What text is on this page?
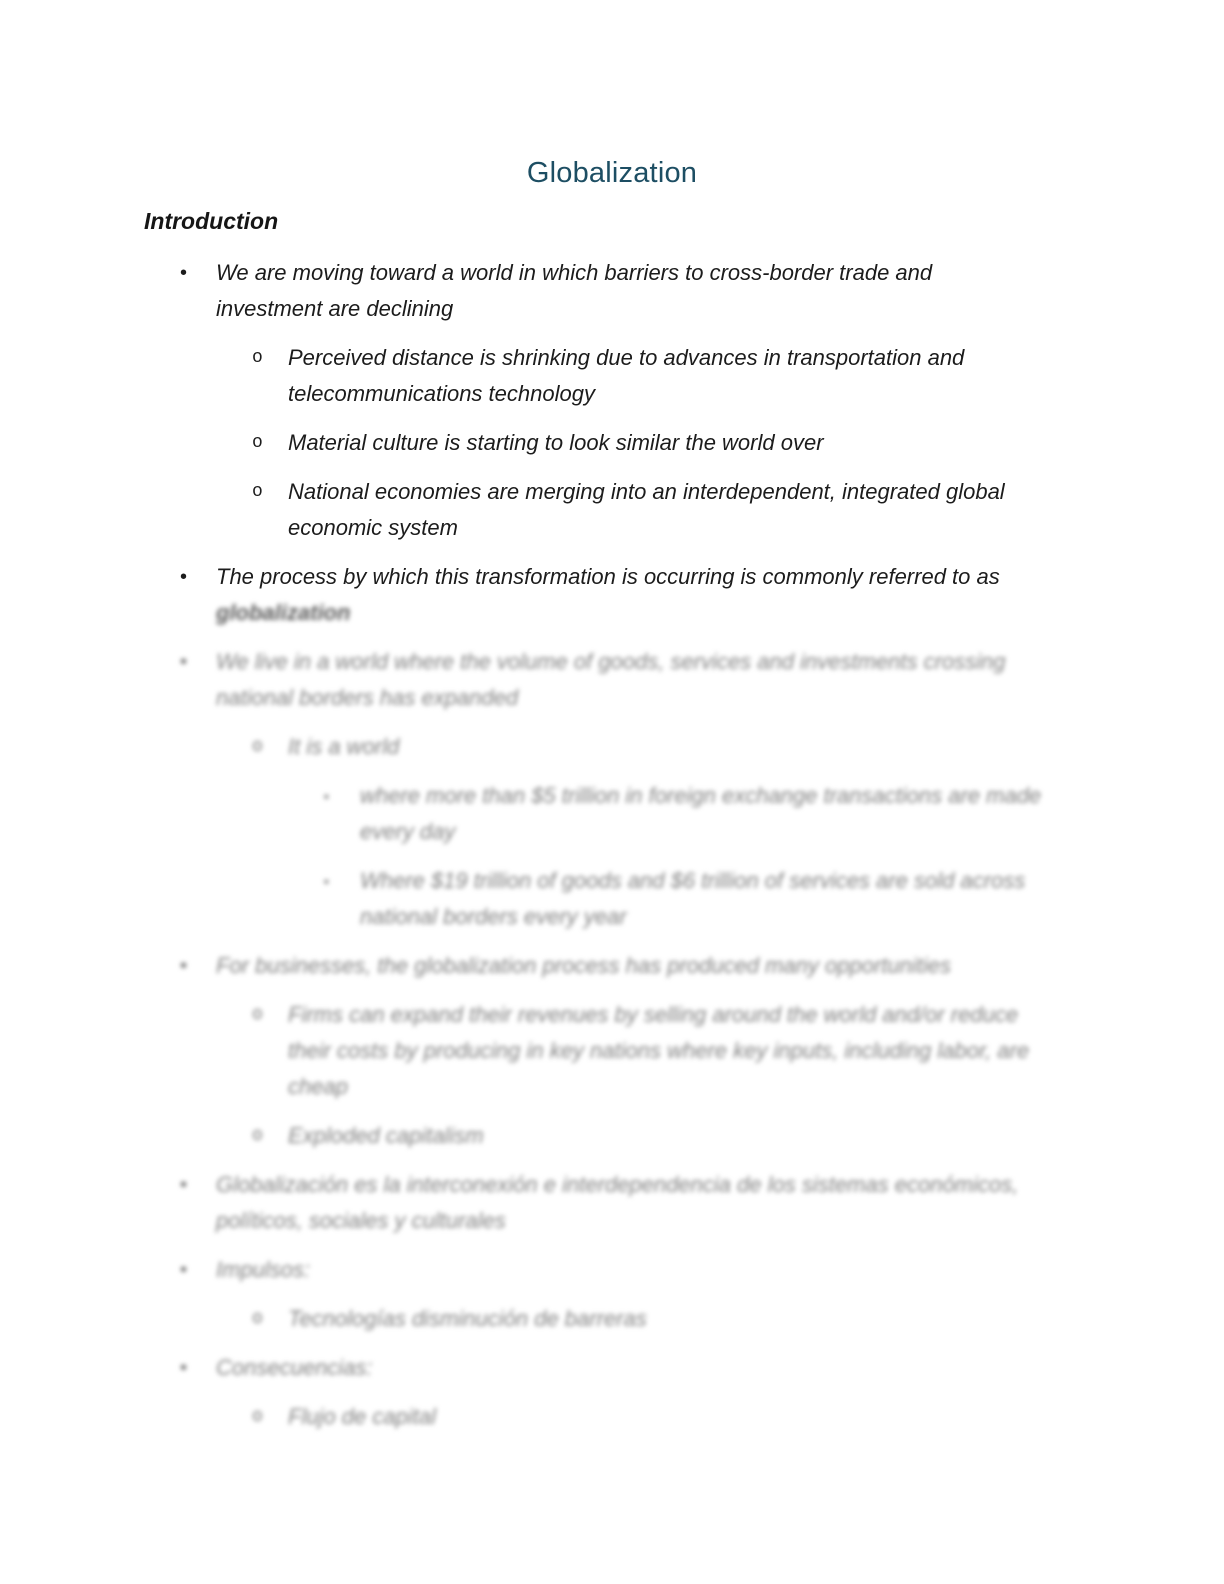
Globalization
Introduction
•	We are moving toward a world in which barriers to cross-border trade and
investment are declining
o	Perceived distance is shrinking due to advances in transportation and
telecommunications technology
o	Material culture is starting to look similar the world over
o	National economies are merging into an interdependent, integrated global
economic system
•	The process by which this transformation is occurring is commonly referred to as
globalization
•	We live in a world where the volume of goods, services and investments crossing
national borders has expanded
o	It is a world
▪	where more than $5 trillion in foreign exchange transactions are made
every day
▪	Where $19 trillion of goods and $6 trillion of services are sold across
national borders every year
•	For businesses, the globalization process has produced many opportunities
o	Firms can expand their revenues by selling around the world and/or reduce
their costs by producing in key nations where key inputs, including labor, are
cheap
o	Exploded capitalism
•	Globalización es la interconexión e interdependencia de los sistemas económicos,
políticos, sociales y culturales
•	Impulsos:
o	Tecnologías disminución de barreras
•	Consecuencias:
o	Flujo de capital
